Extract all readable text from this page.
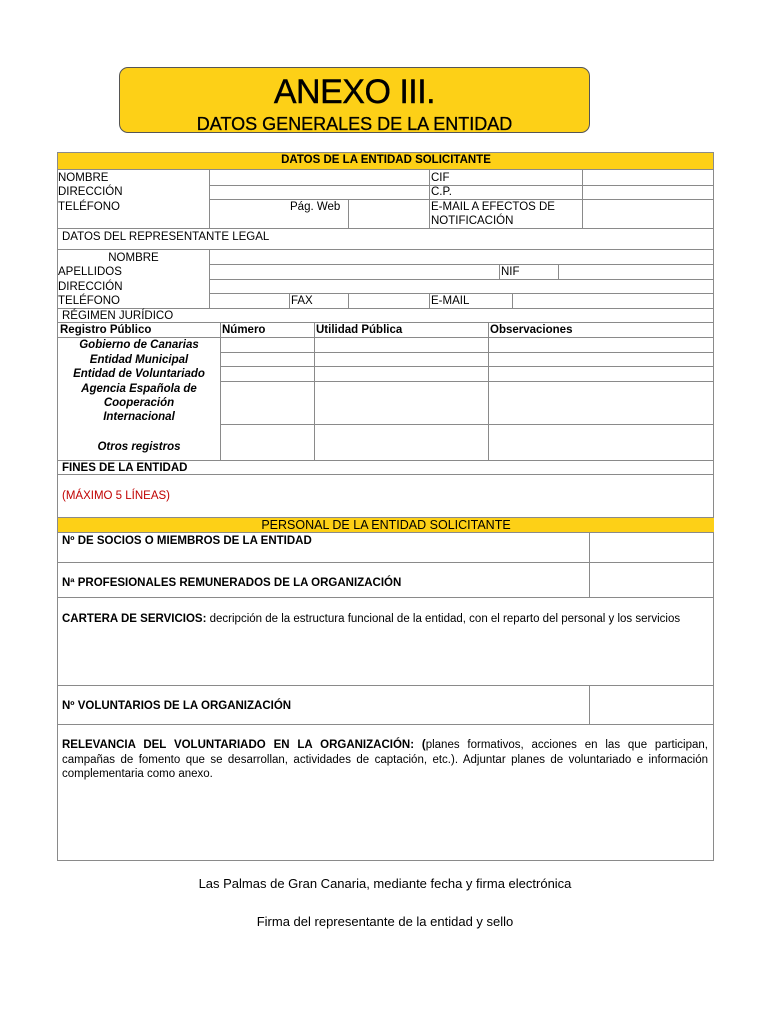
ANEXO III.
DATOS GENERALES DE LA ENTIDAD
DATOS DE LA ENTIDAD SOLICITANTE
NOMBRE
DIRECCIÓN
TELÉFONO	Pág. Web
CIF
C.P.
E-MAIL A EFECTOS DE
NOTIFICACIÓN
DATOS DEL REPRESENTANTE LEGAL
NOMBRE
APELLIDOS	NIF
DIRECCIÓN
TELÉFONO	FAX	E-MAIL
RÉGIMEN JURÍDICO
Registro Público	Número	Utilidad Pública	Observaciones
Gobierno de Canarias
Entidad Municipal
Entidad de Voluntariado
Agencia Española de
Cooperación
Internacional
Otros registros
FINES DE LA ENTIDAD
(MÁXIMO 5 LÍNEAS)
PERSONAL DE LA ENTIDAD SOLICITANTE
Nº DE SOCIOS O MIEMBROS DE LA ENTIDAD
Nª PROFESIONALES REMUNERADOS DE LA ORGANIZACIÓN
CARTERA DE SERVICIOS: decripción de la estructura funcional de la entidad, con el reparto del personal y los servicios
Nº VOLUNTARIOS DE LA ORGANIZACIÓN
RELEVANCIA DEL VOLUNTARIADO EN LA ORGANIZACIÓN: (planes formativos, acciones en las que participan, campañas de fomento que se desarrollan, actividades de captación, etc.). Adjuntar planes de voluntariado e información complementaria como anexo.
Las Palmas de Gran Canaria, mediante fecha y firma electrónica
Firma del representante de la entidad y sello
